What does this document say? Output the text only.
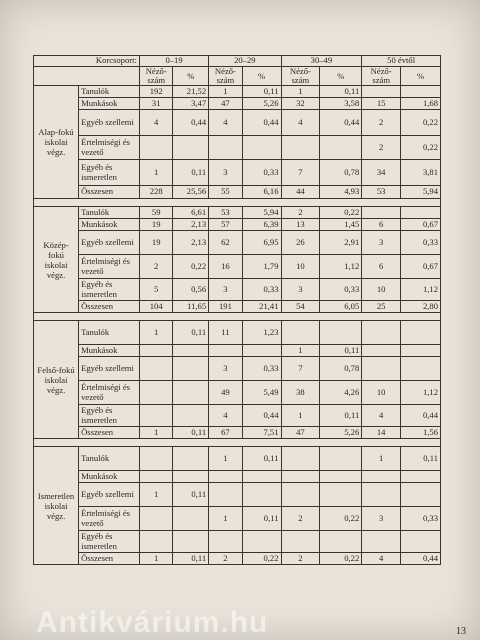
Korcsoport:		0–19		20–29		30–49		50 évtől	
		Néző-szám	%	Néző-szám	%	Néző-szám	%	Néző-szám	%
Alap-fokú iskolai végz.	Tanulók	192	21,52	1	0,11	1	0,11		
	Munkások	31	3,47	47	5,26	32	3,58	15	1,68
	Egyéb szellemi	4	0,44	4	0,44	4	0,44	2	0,22
	Értelmiségi és vezető							2	0,22
	Egyéb és ismeretlen	1	0,11	3	0,33	7	0,78	34	3,81
	Összesen	228	25,56	55	6,16	44	4,93	53	5,94

Közép-fokú iskolai végz.	Tanulók	59	6,61	53	5,94	2	0,22		
	Munkások	19	2,13	57	6,39	13	1,45	6	0,67
	Egyéb szellemi	19	2,13	62	6,95	26	2,91	3	0,33
	Értelmiségi és vezető	2	0,22	16	1,79	10	1,12	6	0,67
	Egyéb és ismeretlen	5	0,56	3	0,33	3	0,33	10	1,12
	Összesen	104	11,65	191	21,41	54	6,05	25	2,80

Felső-fokú iskolai végz.	Tanulók	1	0,11	11	1,23				
	Munkások					1	0,11		
	Egyéb szellemi			3	0,33	7	0,78		
	Értelmiségi és vezető			49	5,49	38	4,26	10	1,12
	Egyéb és ismeretlen			4	0,44	1	0,11	4	0,44
	Összesen	1	0,11	67	7,51	47	5,26	14	1,56

Ismeretlen iskolai végz.	Tanulók			1	0,11			1	0,11
	Munkások								
	Egyéb szellemi	1	0,11						
	Értelmiségi és vezető			1	0,11	2	0,22	3	0,33
	Egyéb és ismeretlen								
	Összesen	1	0,11	2	0,22	2	0,22	4	0,44
Antikvárium.hu	13
